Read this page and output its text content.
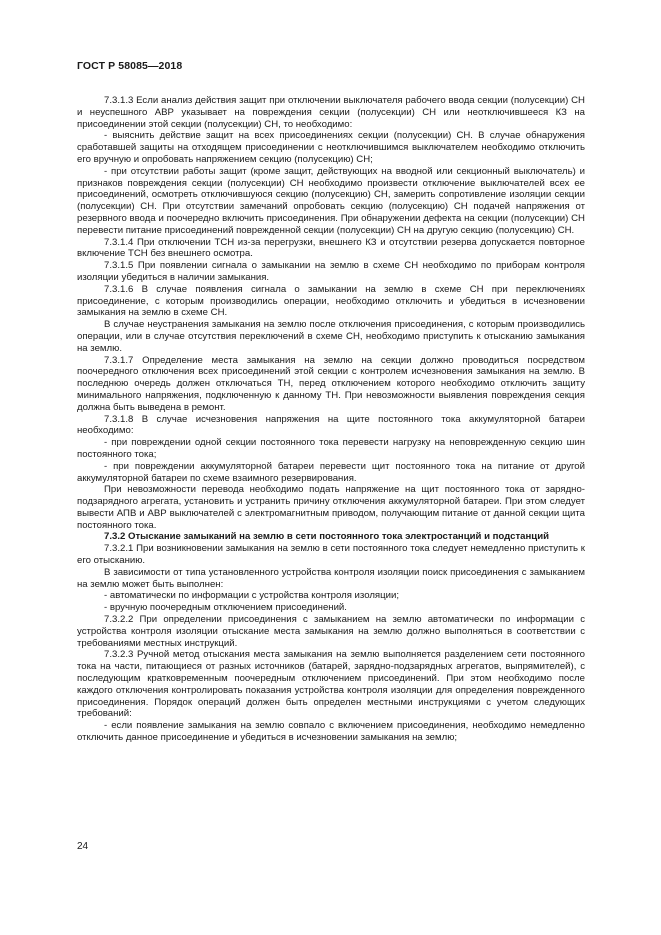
ГОСТ Р 58085—2018

7.3.1.3 Если анализ действия защит при отключении выключателя рабочего ввода секции (полусекции) СН и неуспешного АВР указывает на повреждения секции (полусекции) СН или неотключившееся КЗ на присоединении этой секции (полусекции) СН, то необходимо:

- выяснить действие защит на всех присоединениях секции (полусекции) СН. В случае обнаружения сработавшей защиты на отходящем присоединении с неотключившимся выключателем необходимо отключить его вручную и опробовать напряжением секцию (полусекцию) СН;

- при отсутствии работы защит (кроме защит, действующих на вводной или секционный выключатель) и признаков повреждения секции (полусекции) СН необходимо произвести отключение выключателей всех ее присоединений, осмотреть отключившуюся секцию (полусекцию) СН, замерить сопротивление изоляции секции (полусекции) СН. При отсутствии замечаний опробовать секцию (полусекцию) СН подачей напряжения от резервного ввода и поочередно включить присоединения. При обнаружении дефекта на секции (полусекции) СН перевести питание присоединений поврежденной секции (полусекции) СН на другую секцию (полусекцию) СН.

7.3.1.4 При отключении ТСН из-за перегрузки, внешнего КЗ и отсутствии резерва допускается повторное включение ТСН без внешнего осмотра.

7.3.1.5 При появлении сигнала о замыкании на землю в схеме СН необходимо по приборам контроля изоляции убедиться в наличии замыкания.

7.3.1.6 В случае появления сигнала о замыкании на землю в схеме СН при переключениях присоединение, с которым производились операции, необходимо отключить и убедиться в исчезновении замыкания на землю в схеме СН.

В случае неустранения замыкания на землю после отключения присоединения, с которым производились операции, или в случае отсутствия переключений в схеме СН, необходимо приступить к отысканию замыкания на землю.

7.3.1.7 Определение места замыкания на землю на секции должно проводиться посредством поочередного отключения всех присоединений этой секции с контролем исчезновения замыкания на землю. В последнюю очередь должен отключаться ТН, перед отключением которого необходимо отключить защиту минимального напряжения, подключенную к данному ТН. При невозможности выявления повреждения секция должна быть выведена в ремонт.

7.3.1.8 В случае исчезновения напряжения на щите постоянного тока аккумуляторной батареи необходимо:

- при повреждении одной секции постоянного тока перевести нагрузку на неповрежденную секцию шин постоянного тока;

- при повреждении аккумуляторной батареи перевести щит постоянного тока на питание от другой аккумуляторной батареи по схеме взаимного резервирования.

При невозможности перевода необходимо подать напряжение на щит постоянного тока от зарядно-подзарядного агрегата, установить и устранить причину отключения аккумуляторной батареи. При этом следует вывести АПВ и АВР выключателей с электромагнитным приводом, получающим питание от данной секции щита постоянного тока.

7.3.2 Отыскание замыканий на землю в сети постоянного тока электростанций и подстанций

7.3.2.1 При возникновении замыкания на землю в сети постоянного тока следует немедленно приступить к его отысканию.

В зависимости от типа установленного устройства контроля изоляции поиск присоединения с замыканием на землю может быть выполнен:

- автоматически по информации с устройства контроля изоляции;

- вручную поочередным отключением присоединений.

7.3.2.2 При определении присоединения с замыканием на землю автоматически по информации с устройства контроля изоляции отыскание места замыкания на землю должно выполняться в соответствии с требованиями местных инструкций.

7.3.2.3 Ручной метод отыскания места замыкания на землю выполняется разделением сети постоянного тока на части, питающиеся от разных источников (батарей, зарядно-подзарядных агрегатов, выпрямителей), с последующим кратковременным поочередным отключением присоединений. При этом необходимо после каждого отключения контролировать показания устройства контроля изоляции для определения поврежденного присоединения. Порядок операций должен быть определен местными инструкциями с учетом следующих требований:

- если появление замыкания на землю совпало с включением присоединения, необходимо немедленно отключить данное присоединение и убедиться в исчезновении замыкания на землю;

24
